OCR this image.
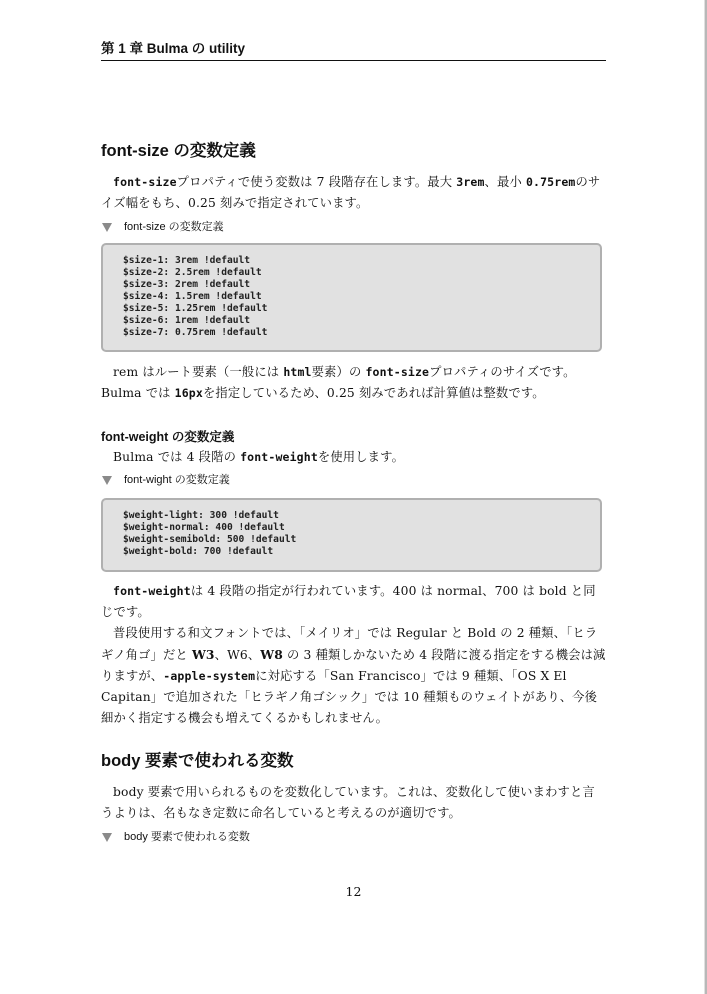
第 1 章 Bulma の utility
font-size の変数定義

font-sizeプロパティで使う変数は 7 段階存在します。最大 3rem、最小 0.75remのサイズ幅をもち、0.25 刻みで指定されています。

font-size の変数定義
$size-1: 3rem !default
$size-2: 2.5rem !default
$size-3: 2rem !default
$size-4: 1.5rem !default
$size-5: 1.25rem !default
$size-6: 1rem !default
$size-7: 0.75rem !default

rem はルート要素（一般には html要素）の font-sizeプロパティのサイズです。Bulma では 16pxを指定しているため、0.25 刻みであれば計算値は整数です。

font-weight の変数定義

Bulma では 4 段階の font-weightを使用します。

font-wight の変数定義
$weight-light: 300 !default
$weight-normal: 400 !default
$weight-semibold: 500 !default
$weight-bold: 700 !default

font-weightは 4 段階の指定が行われています。400 は normal、700 は bold と同じです。

普段使用する和文フォントでは、「メイリオ」では Regular と Bold の 2 種類、「ヒラギノ角ゴ」だと W3、W6、W8 の 3 種類しかないため 4 段階に渡る指定をする機会は減りますが、-apple-systemに対応する「San Francisco」では 9 種類、「OS X El Capitan」で追加された「ヒラギノ角ゴシック」では 10 種類ものウェイトがあり、今後細かく指定する機会も増えてくるかもしれません。

body 要素で使われる変数

body 要素で用いられるものを変数化しています。これは、変数化して使いまわすと言うよりは、名もなき定数に命名していると考えるのが適切です。

body 要素で使われる変数
12
